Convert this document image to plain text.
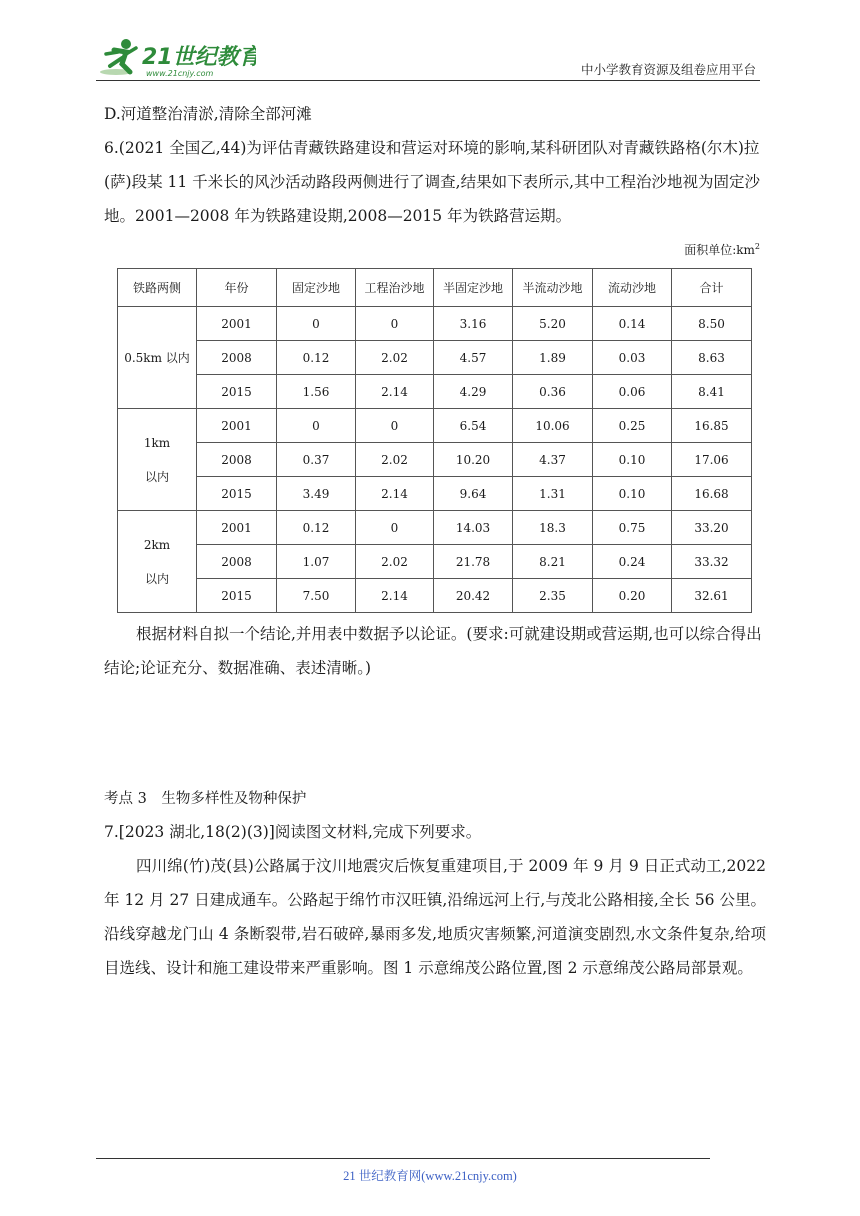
21世纪教育
www.21cnjy.com	中小学教育资源及组卷应用平台
D.河道整治清淤,清除全部河滩
6.(2021 全国乙,44)为评估青藏铁路建设和营运对环境的影响,某科研团队对青藏铁路格(尔木)拉(萨)段某 11 千米长的风沙活动路段两侧进行了调查,结果如下表所示,其中工程治沙地视为固定沙地。2001—2008 年为铁路建设期,2008—2015 年为铁路营运期。
面积单位$:km^2$
铁路两侧	年份	固定沙地	工程治沙地	半固定沙地	半流动沙地	流动沙地	合计

0.5km 以内	2001	0	0	3.16	5.20	0.14	8.50
	2008	0.12	2.02	4.57	1.89	0.03	8.63
	2015	1.56	2.14	4.29	0.36	0.06	8.41

1km
以内	2001	0	0	6.54	10.06	0.25	16.85
	2008	0.37	2.02	10.20	4.37	0.10	17.06
	2015	3.49	2.14	9.64	1.31	0.10	16.68

2km
以内	2001	0.12	0	14.03	18.3	0.75	33.20
	2008	1.07	2.02	21.78	8.21	0.24	33.32
	2015	7.50	2.14	20.42	2.35	0.20	32.61
根据材料自拟一个结论,并用表中数据予以论证。(要求:可就建设期或营运期,也可以综合得出结论;论证充分、数据准确、表述清晰。)
考点 3　生物多样性及物种保护
7.[2023 湖北,18(2)(3)]阅读图文材料,完成下列要求。
四川绵(竹)茂(县)公路属于汶川地震灾后恢复重建项目,于 2009 年 9 月 9 日正式动工,2022 年 12 月 27 日建成通车。公路起于绵竹市汉旺镇,沿绵远河上行,与茂北公路相接,全长 56 公里。沿线穿越龙门山 4 条断裂带,岩石破碎,暴雨多发,地质灾害频繁,河道演变剧烈,水文条件复杂,给项目选线、设计和施工建设带来严重影响。图 1 示意绵茂公路位置,图 2 示意绵茂公路局部景观。
21 世纪教育网(www.21cnjy.com)
